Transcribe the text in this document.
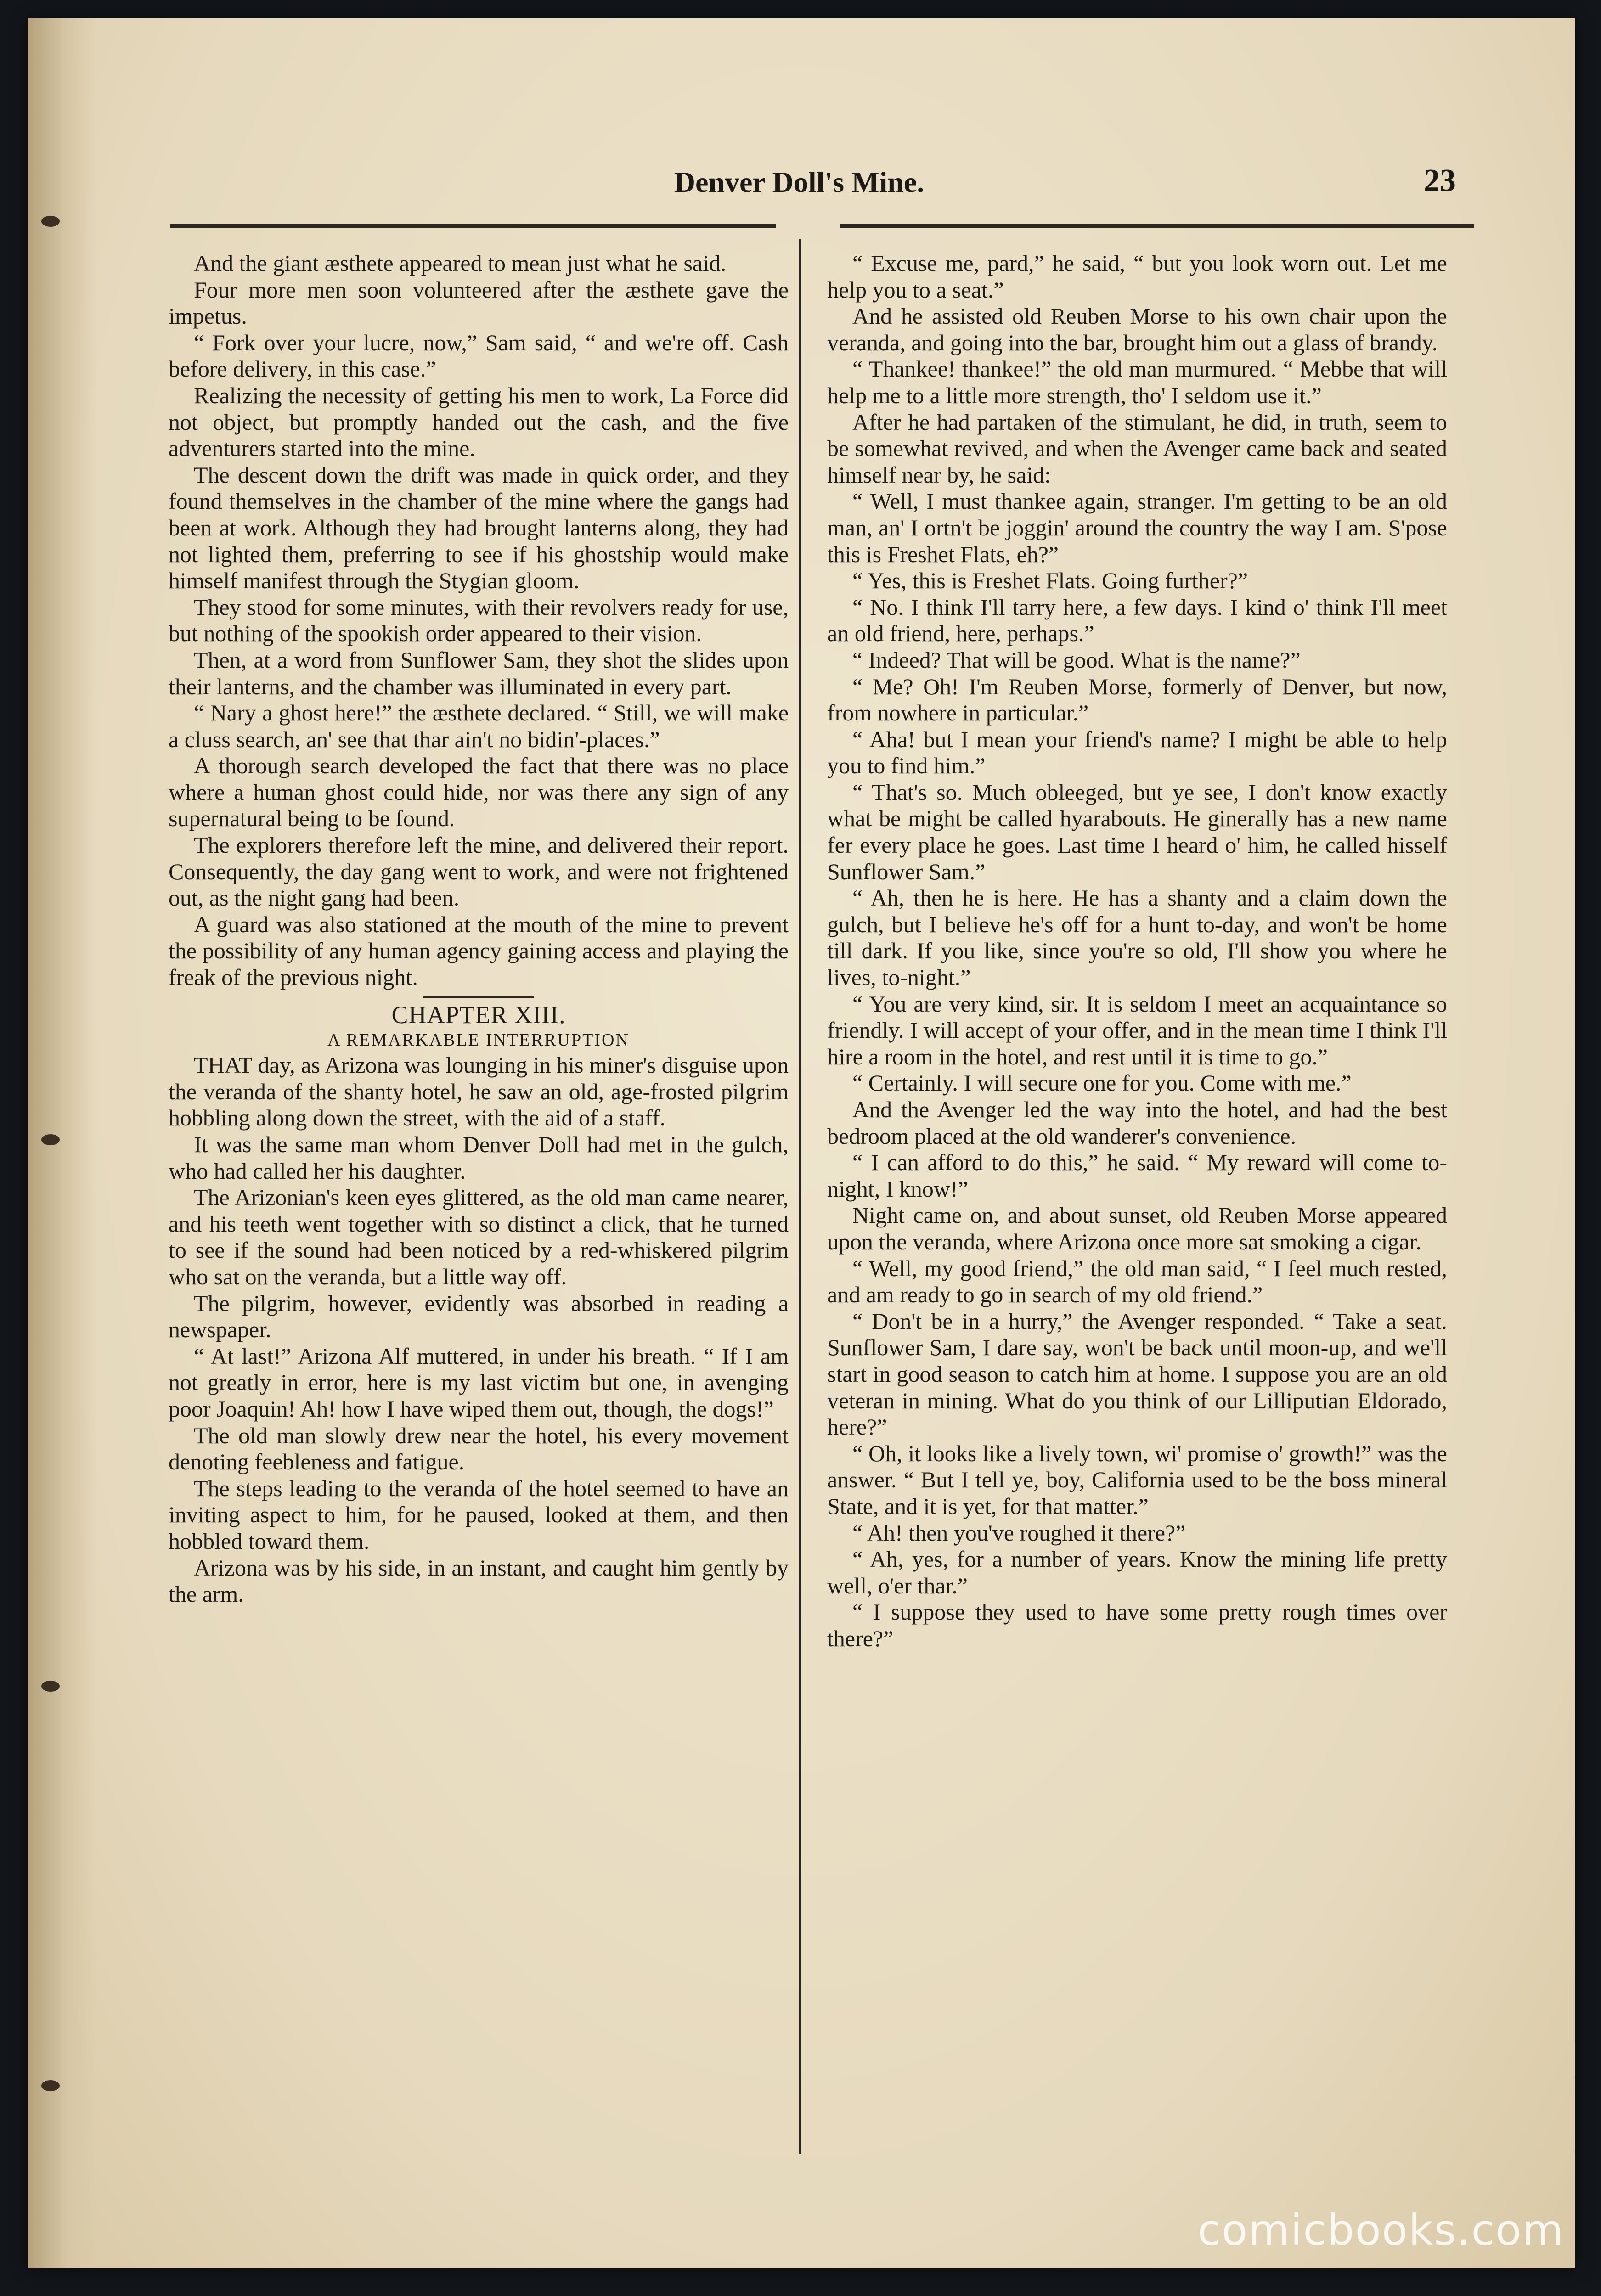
Denver Doll's Mine.	23

And the giant æsthete appeared to mean just what he said.

Four more men soon volunteered after the æsthete gave the impetus.

“ Fork over your lucre, now,” Sam said, “ and we're off. Cash before delivery, in this case.”

Realizing the necessity of getting his men to work, La Force did not object, but promptly handed out the cash, and the five adventurers started into the mine.

The descent down the drift was made in quick order, and they found themselves in the chamber of the mine where the gangs had been at work. Although they had brought lanterns along, they had not lighted them, preferring to see if his ghostship would make himself manifest through the Stygian gloom.

They stood for some minutes, with their revolvers ready for use, but nothing of the spookish order appeared to their vision.

Then, at a word from Sunflower Sam, they shot the slides upon their lanterns, and the chamber was illuminated in every part.

“ Nary a ghost here!” the æsthete declared. “ Still, we will make a cluss search, an' see that thar ain't no bidin'-places.”

A thorough search developed the fact that there was no place where a human ghost could hide, nor was there any sign of any supernatural being to be found.

The explorers therefore left the mine, and delivered their report. Consequently, the day gang went to work, and were not frightened out, as the night gang had been.

A guard was also stationed at the mouth of the mine to prevent the possibility of any human agency gaining access and playing the freak of the previous night.

CHAPTER XIII.

A REMARKABLE INTERRUPTION

THAT day, as Arizona was lounging in his miner's disguise upon the veranda of the shanty hotel, he saw an old, age-frosted pilgrim hobbling along down the street, with the aid of a staff.

It was the same man whom Denver Doll had met in the gulch, who had called her his daughter.

The Arizonian's keen eyes glittered, as the old man came nearer, and his teeth went together with so distinct a click, that he turned to see if the sound had been noticed by a red-whiskered pilgrim who sat on the veranda, but a little way off.

The pilgrim, however, evidently was absorbed in reading a newspaper.

“ At last!” Arizona Alf muttered, in under his breath. “ If I am not greatly in error, here is my last victim but one, in avenging poor Joaquin! Ah! how I have wiped them out, though, the dogs!”

The old man slowly drew near the hotel, his every movement denoting feebleness and fatigue.

The steps leading to the veranda of the hotel seemed to have an inviting aspect to him, for he paused, looked at them, and then hobbled toward them.

Arizona was by his side, in an instant, and caught him gently by the arm.

“ Excuse me, pard,” he said, “ but you look worn out. Let me help you to a seat.”

And he assisted old Reuben Morse to his own chair upon the veranda, and going into the bar, brought him out a glass of brandy.

“ Thankee! thankee!” the old man murmured. “ Mebbe that will help me to a little more strength, tho' I seldom use it.”

After he had partaken of the stimulant, he did, in truth, seem to be somewhat revived, and when the Avenger came back and seated himself near by, he said:

“ Well, I must thankee again, stranger. I'm getting to be an old man, an' I ortn't be joggin' around the country the way I am. S'pose this is Freshet Flats, eh?”

“ Yes, this is Freshet Flats. Going further?”

“ No. I think I'll tarry here, a few days. I kind o' think I'll meet an old friend, here, perhaps.”

“ Indeed? That will be good. What is the name?”

“ Me? Oh! I'm Reuben Morse, formerly of Denver, but now, from nowhere in particular.”

“ Aha! but I mean your friend's name? I might be able to help you to find him.”

“ That's so. Much obleeged, but ye see, I don't know exactly what be might be called hyarabouts. He ginerally has a new name fer every place he goes. Last time I heard o' him, he called hisself Sunflower Sam.”

“ Ah, then he is here. He has a shanty and a claim down the gulch, but I believe he's off for a hunt to-day, and won't be home till dark. If you like, since you're so old, I'll show you where he lives, to-night.”

“ You are very kind, sir. It is seldom I meet an acquaintance so friendly. I will accept of your offer, and in the mean time I think I'll hire a room in the hotel, and rest until it is time to go.”

“ Certainly. I will secure one for you. Come with me.”

And the Avenger led the way into the hotel, and had the best bedroom placed at the old wanderer's convenience.

“ I can afford to do this,” he said. “ My reward will come to-night, I know!”

Night came on, and about sunset, old Reuben Morse appeared upon the veranda, where Arizona once more sat smoking a cigar.

“ Well, my good friend,” the old man said, “ I feel much rested, and am ready to go in search of my old friend.”

“ Don't be in a hurry,” the Avenger responded. “ Take a seat. Sunflower Sam, I dare say, won't be back until moon-up, and we'll start in good season to catch him at home. I suppose you are an old veteran in mining. What do you think of our Lilliputian Eldorado, here?”

“ Oh, it looks like a lively town, wi' promise o' growth!” was the answer. “ But I tell ye, boy, California used to be the boss mineral State, and it is yet, for that matter.”

“ Ah! then you've roughed it there?”

“ Ah, yes, for a number of years. Know the mining life pretty well, o'er thar.”

“ I suppose they used to have some pretty rough times over there?”

comicbooks.com
